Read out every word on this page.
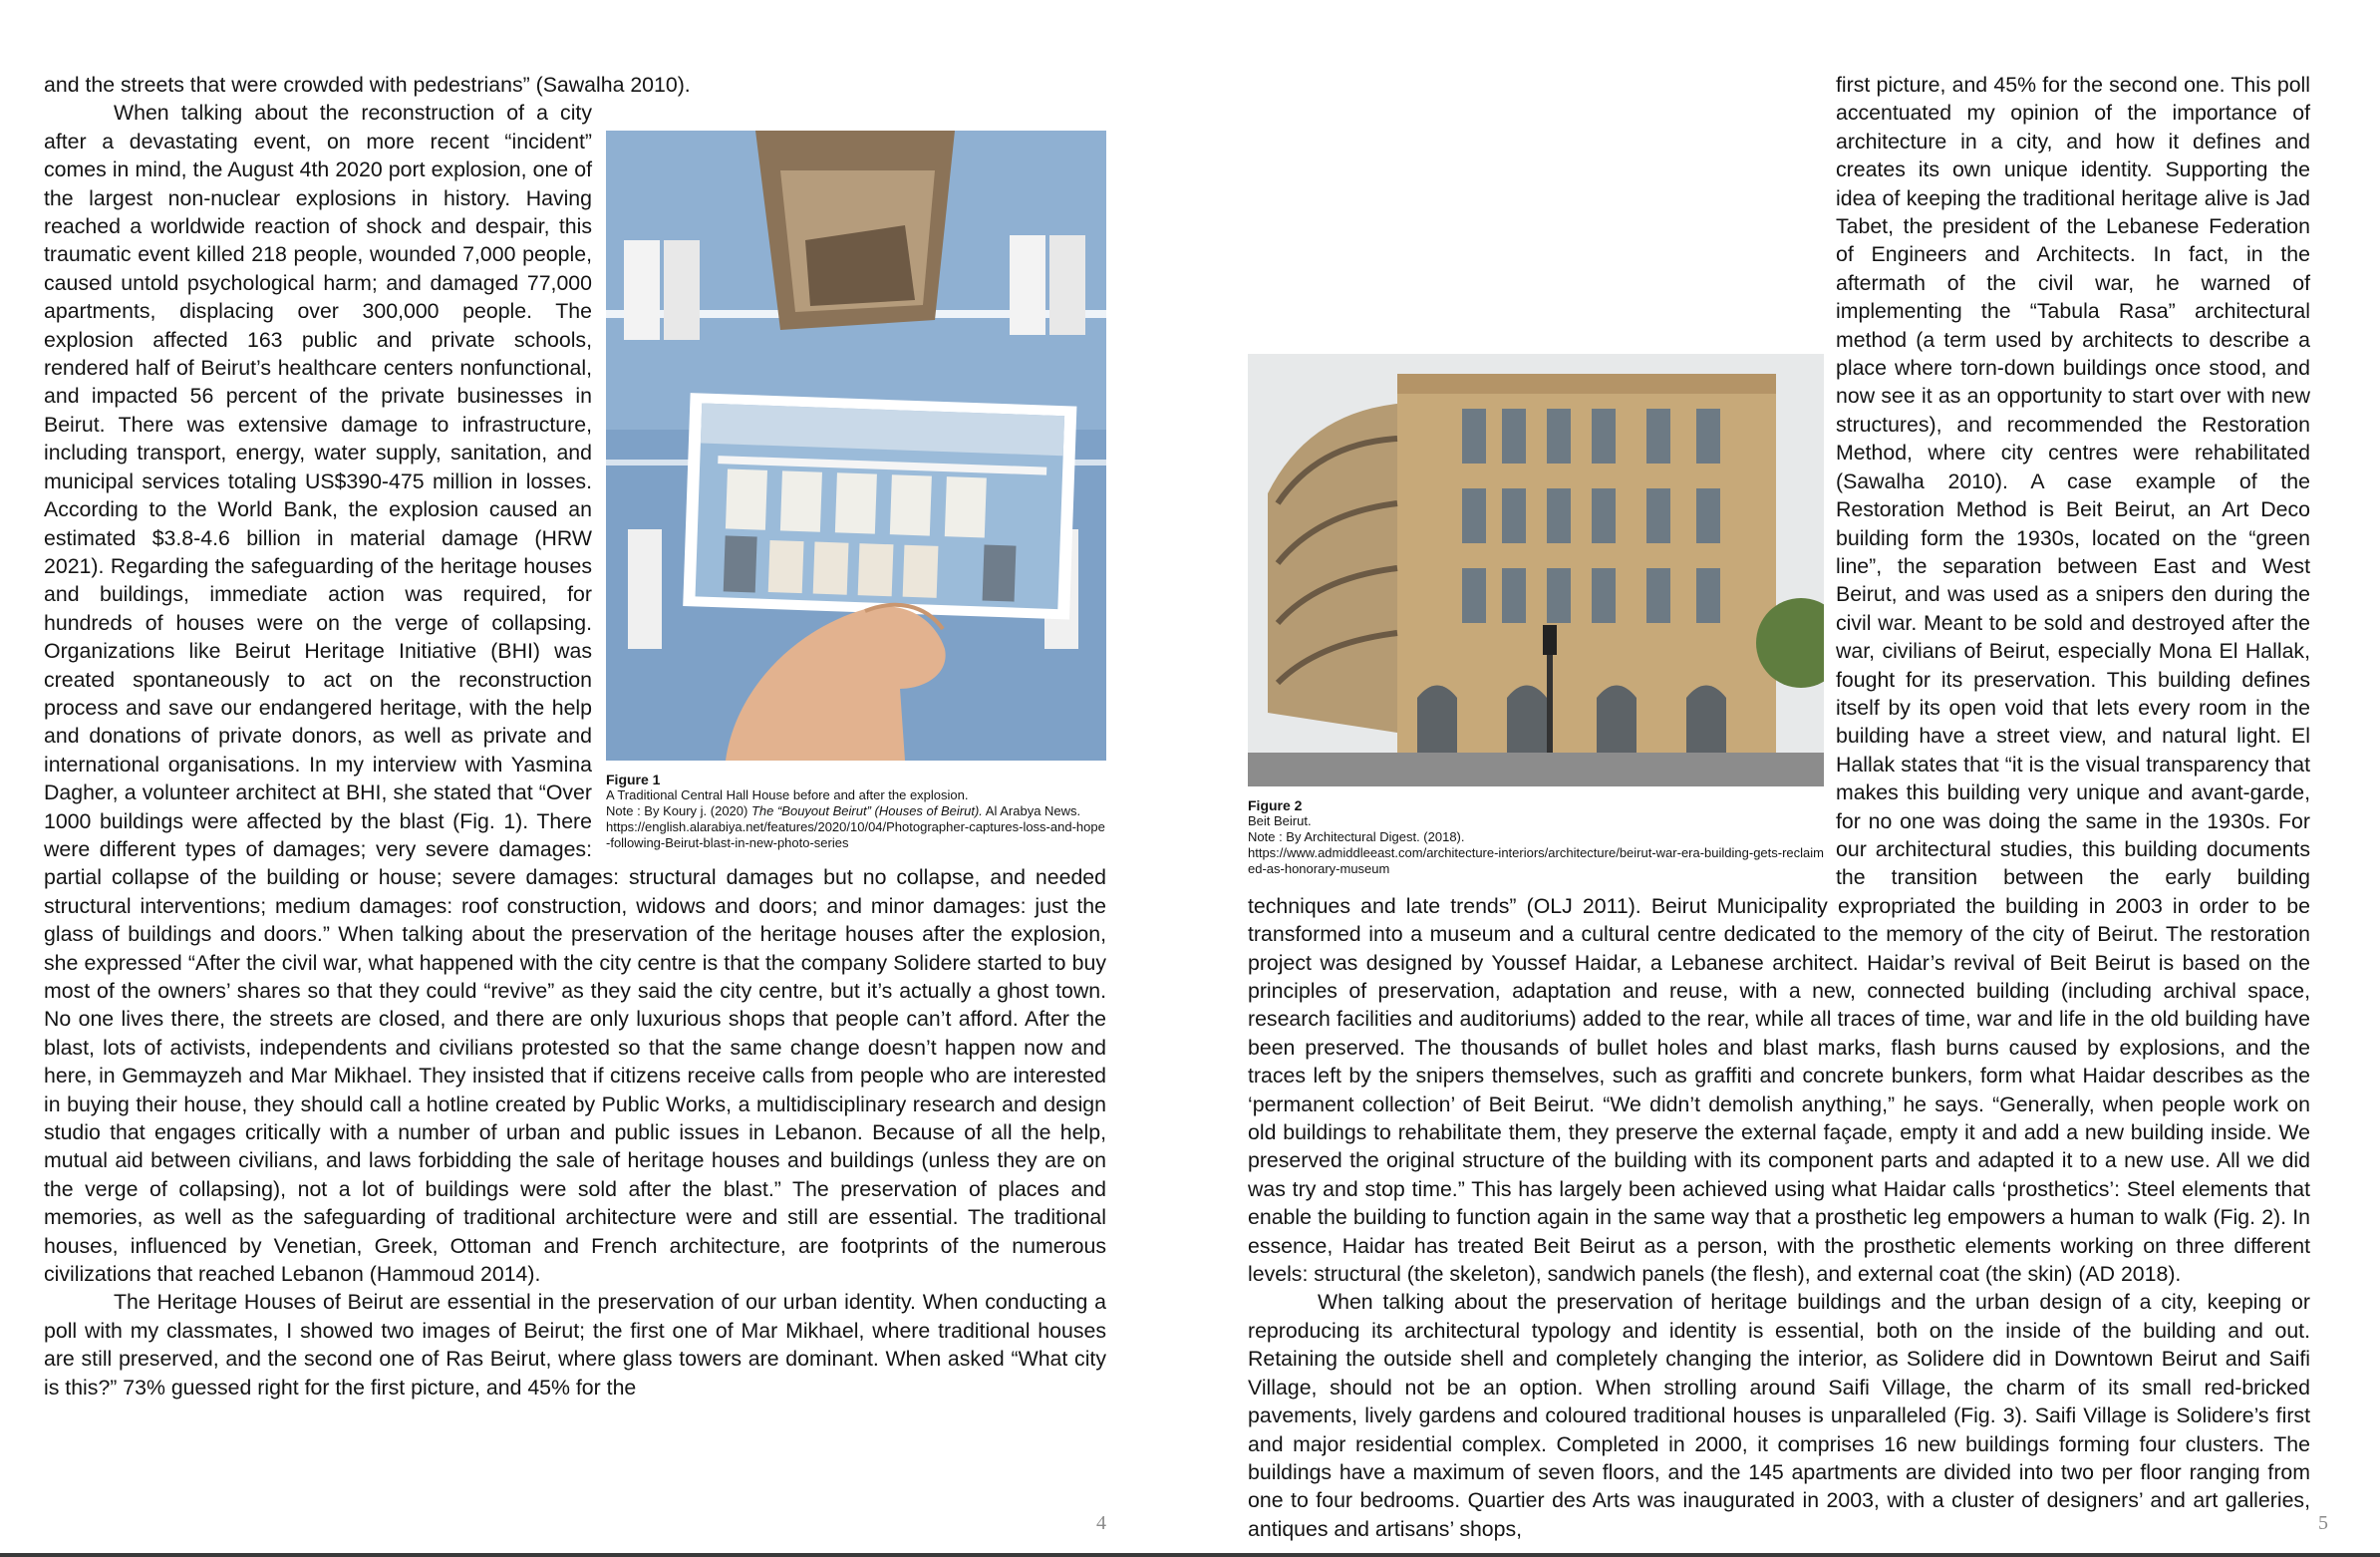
and the streets that were crowded with pedestrians” (Sawalha 2010).

Figure 1
A Traditional Central Hall House before and after the explosion.
Note : By Koury j. (2020) The “Bouyout Beirut” (Houses of Beirut). Al Arabya News.
https://english.alarabiya.net/features/2020/10/04/Photographer-captures-loss-and-hope-following-Beirut-blast-in-new-photo-series

When talking about the reconstruction of a city after a devastating event, on more recent “incident” comes in mind, the August 4th 2020 port explosion, one of the largest non-nuclear explosions in history. Having reached a worldwide reaction of shock and despair, this traumatic event killed 218 people, wounded 7,000 people, caused untold psychological harm; and damaged 77,000 apartments, displacing over 300,000 people. The explosion affected 163 public and private schools, rendered half of Beirut’s healthcare centers nonfunctional, and impacted 56 percent of the private businesses in Beirut. There was extensive damage to infrastructure, including transport, energy, water supply, sanitation, and municipal services totaling US$390-475 million in losses. According to the World Bank, the explosion caused an estimated $3.8-4.6 billion in material damage (HRW 2021). Regarding the safeguarding of the heritage houses and buildings, immediate action was required, for hundreds of houses were on the verge of collapsing. Organizations like Beirut Heritage Initiative (BHI) was created spontaneously to act on the reconstruction process and save our endangered heritage, with the help and donations of private donors, as well as private and international organisations. In my interview with Yasmina Dagher, a volunteer architect at BHI, she stated that “Over 1000 buildings were affected by the blast (Fig. 1). There were different types of damages; very severe damages: partial collapse of the building or house; severe damages: structural damages but no collapse, and needed structural interventions; medium damages: roof construction, widows and doors; and minor damages: just the glass of buildings and doors.” When talking about the preservation of the heritage houses after the explosion, she expressed “After the civil war, what happened with the city centre is that the company Solidere started to buy most of the owners’ shares so that they could “revive” as they said the city centre, but it’s actually a ghost town. No one lives there, the streets are closed, and there are only luxurious shops that people can’t afford. After the blast, lots of activists, independents and civilians protested so that the same change doesn’t happen now and here, in Gemmayzeh and Mar Mikhael. They insisted that if citizens receive calls from people who are interested in buying their house, they should call a hotline created by Public Works, a multidisciplinary research and design studio that engages critically with a number of urban and public issues in Lebanon. Because of all the help, mutual aid between civilians, and laws forbidding the sale of heritage houses and buildings (unless they are on the verge of collapsing), not a lot of buildings were sold after the blast.” The preservation of places and memories, as well as the safeguarding of traditional architecture were and still are essential. The traditional houses, influenced by Venetian, Greek, Ottoman and French architecture, are footprints of the numerous civilizations that reached Lebanon (Hammoud 2014).

The Heritage Houses of Beirut are essential in the preservation of our urban identity. When conducting a poll with my classmates, I showed two images of Beirut; the first one of Mar Mikhael, where traditional houses are still preserved, and the second one of Ras Beirut, where glass towers are dominant. When asked “What city is this?” 73% guessed right for the first picture, and 45% for the

4
Figure 2
Beit Beirut.
Note : By Architectural Digest. (2018).
https://www.admiddleeast.com/architecture-interiors/architecture/beirut-war-era-building-gets-reclaimed-as-honorary-museum

first picture, and 45% for the second one. This poll accentuated my opinion of the importance of architecture in a city, and how it defines and creates its own unique identity. Supporting the idea of keeping the traditional heritage alive is Jad Tabet, the president of the Lebanese Federation of Engineers and Architects. In fact, in the aftermath of the civil war, he warned of implementing the “Tabula Rasa” architectural method (a term used by architects to describe a place where torn-down buildings once stood, and now see it as an opportunity to start over with new structures), and recommended the Restoration Method, where city centres were rehabilitated (Sawalha 2010). A case example of the Restoration Method is Beit Beirut, an Art Deco building form the 1930s, located on the “green line”, the separation between East and West Beirut, and was used as a snipers den during the civil war. Meant to be sold and destroyed after the war, civilians of Beirut, especially Mona El Hallak, fought for its preservation. This building defines itself by its open void that lets every room in the building have a street view, and natural light. El Hallak states that “it is the visual transparency that makes this building very unique and avant-garde, for no one was doing the same in the 1930s. For our architectural studies, this building documents the transition between the early building techniques and late trends” (OLJ 2011). Beirut Municipality expropriated the building in 2003 in order to be transformed into a museum and a cultural centre dedicated to the memory of the city of Beirut. The restoration project was designed by Youssef Haidar, a Lebanese architect. Haidar’s revival of Beit Beirut is based on the principles of preservation, adaptation and reuse, with a new, connected building (including archival space, research facilities and auditoriums) added to the rear, while all traces of time, war and life in the old building have been preserved. The thousands of bullet holes and blast marks, flash burns caused by explosions, and the traces left by the snipers themselves, such as graffiti and concrete bunkers, form what Haidar describes as the ‘permanent collection’ of Beit Beirut. “We didn’t demolish anything,” he says. “Generally, when people work on old buildings to rehabilitate them, they preserve the external façade, empty it and add a new building inside. We preserved the original structure of the building with its component parts and adapted it to a new use. All we did was try and stop time.” This has largely been achieved using what Haidar calls ‘prosthetics’: Steel elements that enable the building to function again in the same way that a prosthetic leg empowers a human to walk (Fig. 2). In essence, Haidar has treated Beit Beirut as a person, with the prosthetic elements working on three different levels: structural (the skeleton), sandwich panels (the flesh), and external coat (the skin) (AD 2018).

When talking about the preservation of heritage buildings and the urban design of a city, keeping or reproducing its architectural typology and identity is essential, both on the inside of the building and out. Retaining the outside shell and completely changing the interior, as Solidere did in Downtown Beirut and Saifi Village, should not be an option. When strolling around Saifi Village, the charm of its small red-bricked pavements, lively gardens and coloured traditional houses is unparalleled (Fig. 3). Saifi Village is Solidere’s first and major residential complex. Completed in 2000, it comprises 16 new buildings forming four clusters. The buildings have a maximum of seven floors, and the 145 apartments are divided into two per floor ranging from one to four bedrooms. Quartier des Arts was inaugurated in 2003, with a cluster of designers’ and art galleries, antiques and artisans’ shops,	5
